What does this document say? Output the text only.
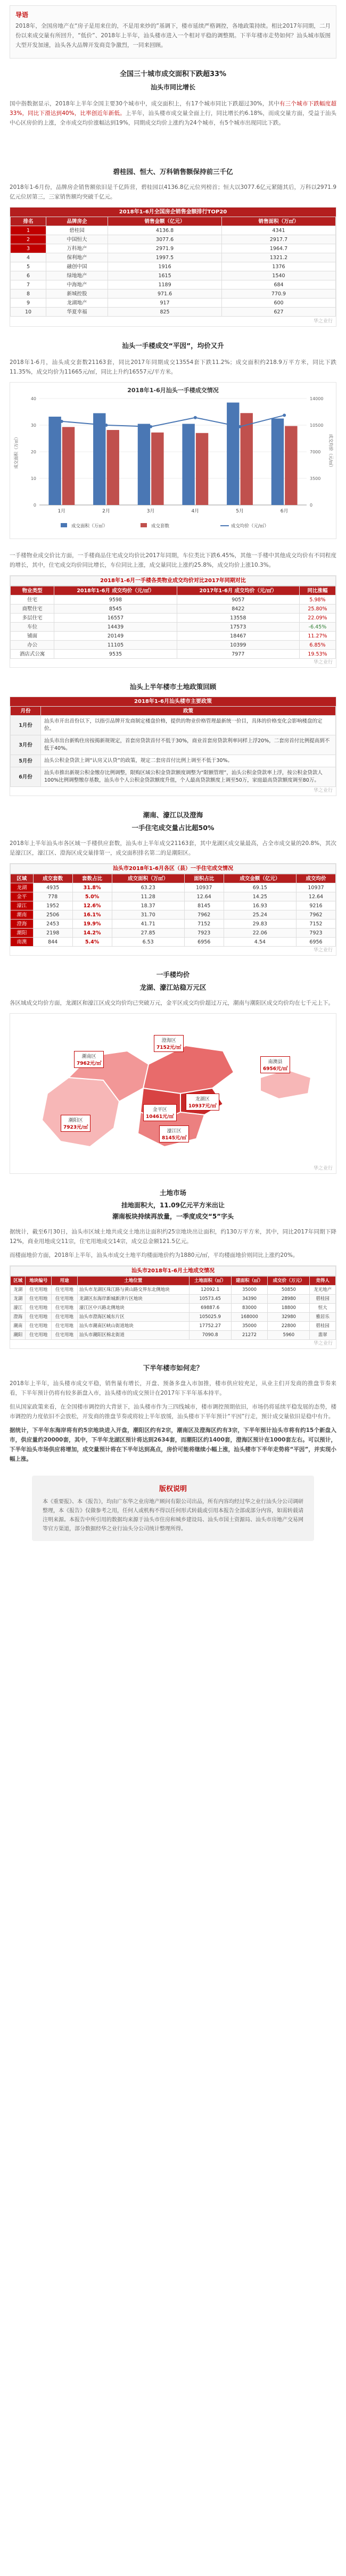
导语
2018年，全国房地产在“房子是用来住的，不是用来炒的”基调下，楼市延续严格调控，各地政策持续。相比2017年同期，二月份以来成交量有所回升，“低价”、2018年上半年，汕头楼市进入一个相对平稳的调整期。下半年楼市走势如何？汕头城市版图大型开发加速，汕头各大品牌开发商竞争激烈，一同来回顾。
全国三十城市成交面积下跌超33%
汕头市同比增长
国中指数据显示，2018年上半年全国主要30个城市中，成交面积上，有17个城市同比下跌超过30%，其中有三个城市下跌幅度超33%，同比下滑达到40%，比率创近年新低。上半年，汕头楼市成交量全面上行，同比增长约6.18%，而成交量方面，受益于汕头中心区房价的上涨，全市成交均价涨幅达到19%，同期成交均价上涨约为24个城市，有5个城市出现同比下跌。
碧桂园、恒大、万科销售额保持前三千亿
2018年1-6月份，品牌房企销售额依旧是千亿阵营，碧桂园以4136.8亿元位列榜首；恒大以3077.6亿元紧随其后，万科以2971.9亿元位居第三，三家销售额均突破千亿元。
2018年1-6月全国房企销售金额排行TOP20
排名	品牌房企	销售金额（亿元）	销售面积（万㎡）
1	碧桂园	4136.8	4341
2	中国恒大	3077.6	2917.7
3	万科地产	2971.9	1964.7
4	保利地产	1997.5	1321.2
5	融创中国	1916	1376
6	绿地地产	1615	1540
7	中海地产	1189	684
8	新城控股	971.6	770.9
9	龙湖地产	917	600
10	华夏幸福	825	627
华之业行
汕头一手楼成交“平因”，均价又升
2018年1-6月，汕头成交套数21163套，同比2017年同期成交13554套下跌11.2%；成交面积约218.9万平方米，同比下跌11.35%，成交均价为11665元/㎡，同比上升约16557元/平方米。
2018年1-6月汕头一手楼成交情况
0	0
10	3500
20	7000
30	10500
40	14000
成交面积（万㎡）	成交均价（元/㎡）
1月	2月	3月	4月	5月	6月
成交面积（万㎡）	成交套数	成交均价（元/㎡）
一手楼物业成交价比方面，一手楼商品住宅成交均价比2017年同期，车位类比下跌6.45%，其他一手楼中其他成交均价有不同程度的增长，其中，住宅成交均价同比增长，车位同比上涨，成交量同比上涨约25.8%，成交均价上涨10.3%。
2018年1-6月一手楼各类物业成交均价对比2017年同期对比
物业类型	2018年1-6月 成交均价（元/㎡）	2017年1-6月 成交均价（元/㎡）	同比涨幅
住宅	9598	9057	5.98%
商墅住宅	8545	8422	25.80%
多层住宅	16557	13558	22.09%
车位	14439	17573	-6.45%
铺面	20149	18467	11.27%
办公	11105	10399	6.85%
酒店式公寓	9535	7977	19.53%
华之业行
汕头上半年楼市土地政策回顾
2018年1-6月汕头楼市主要政策
月份	政策
1月份	汕头市开出首份以下，以指引品牌开发商制定楼盘价格，提供的物业价格管理最新统一价目，具体的价格变化会影响楼盘的定价。
3月份	汕头市出台新购住房按揭新规规定，首套房贷款首付不低于30%，商业首套房贷款利率同样上浮20%，二套房首付比例提高到不低于40%。
5月份	汕头公积金贷款上调“认房又认贷”的政策，规定二套房首付比例上调至不低于30%。
6月份	汕头市推出新规公积金缴存比例调整，限购区域公积金贷款额度调整为“限额管理”，汕头公积金贷款率上浮，按公积金贷款人100%比例调整缴存基数，汕头市个人公积金贷款额度升值，个人最高贷款额度上调至50万，家庭最高贷款额度调至80万。
华之业行
潮南、濠江以及澄海
一手住宅成交量占比超50%
2018年上半年汕头市各区域一手楼供应套数，汕头市上半年成交21163套，其中龙湖区成交量最高，占全市成交量的20.8%，其次是濠江区，濠江区、澄海区成交量排第一，成交面积排名第二的是潮阳区。
汕头市2018年1-6月各区（县）一手住宅成交情况
区域	成交套数	套数占比	成交面积（万㎡）	面积占比	成交金额（亿元）	成交均价
龙湖	4935	31.8%	63.23	10937	69.15	10937
金平	778	5.0%	11.28	12.64	14.25	12.64
濠江	1952	12.6%	18.37	8145	16.93	9216
潮南	2506	16.1%	31.70	7962	25.24	7962
澄海	2453	19.9%	41.71	7152	29.83	7152
潮阳	2198	14.2%	27.85	7923	22.06	7923
南澳	844	5.4%	6.53	6956	4.54	6956
华之业行
一手楼均价
龙湖、濠江站稳万元区
各区域成交均价方面，龙湖区和濠江区成交均价均已突破万元，金平区成交均价超过万元，潮南与潮阳区成交均价均在七千元上下。
潮南区
7962元/㎡
潮阳区
7923元/㎡
澄海区
7152元/㎡
龙湖区
10937元/㎡
金平区
10461元/㎡
濠江区
8145元/㎡
南澳县
6956元/㎡
华之业行
土地市场
挂地面积大，11.09亿元平方米出让
潮南板块持续再放量，一季度成交“5”字头
据统计，截至6月30日，汕头市区域土地共成交土地出让面积约25宗地块出让面积，约130万平方米，其中，同比2017年同期下降12%，商业用地成交11宗，住宅用地成交14宗，成交总金额121.5亿元。
而楼面地价方面，2018年上半年，汕头市成交土地平均楼面地价约为1880元/㎡，平均楼面地价则同比上涨约20%。
汕头市2018年1-6月土地成交情况
区域	地块编号	用途	土地位置	土地面积（㎡）	建面积（㎡）	成交价（万元）	竞得人
龙湖	住宅用地	住宅用地	汕头市龙湖区珠江路与黄山路交界东北侧地块	12092.1	35000	50850	龙光地产
龙湖	住宅用地	住宅用地	龙湖区东海岸新城新津片区地块	10573.45	34390	28980	碧桂园
濠江	住宅用地	住宅用地	濠江区中兴路北侧地块	69887.6	83000	18800	恒大
澄海	住宅用地	住宅用地	汕头市澄海区城东片区	105025.9	168000	32980	雅居乐
潮南	住宅用地	住宅用地	汕头市潮南区峡山街道地块	17752.27	35000	22800	碧桂园
潮阳	住宅用地	住宅用地	汕头市潮阳区棉北街道	7090.8	21272	5960	翡翠
华之业行
下半年楼市如何走？
2018年上半年，汕头楼市成交平稳，销售量有增长，开盘、预备多盘入市加推，楼市供应较充足，从业主们开发商的推盘节奏来看，下半年预计仍将有较多新盘入市，汕头楼市的成交预计在2017年下半年基本持平。
但从国家政策来看，在全国楼市调控的大背景下，汕头楼市作为三四线城市，楼市调控预期依旧，市场仍将延续平稳发展的态势，楼市调控的力度依旧不会放松，开发商的推盘节奏或将较上半年放缓，汕头楼市下半年预计“平因”行走，预计成交量依旧是稳中有升。
据统计，下半年东海岸将有约5宗地块进入开盘，潮阳区约有2宗，潮南区及澄海区约有3宗，下半年预计汕头市将有约15个新盘入市，供应量约20000套，其中，下半年龙湖区预计将达到2634套，而潮阳区约1400套，澄海区预计在1000套左右。可以预计，下半年汕头市场供应将增加，成交量预计将在下半年达到高点，房价可能将继续小幅上涨，汕头楼市下半年走势将“平因”，并实现小幅上涨。
版权说明
本《重要报》、本《报告》，均由广东华之业房地产顾问有限公司出品，所有内容均经过华之业行汕头分公司调研整理，本《报告》仅做参考之用，任何人或机构不得以任何形式转载或引用本报告全部或部分内容，如需转载请注明来源。本报告中所引用的数据均来源于汕头市住房和城乡建设局、汕头市国土资源局、汕头市房地产交易网等官方渠道，部分数据经华之业行汕头分公司统计整理所得。
